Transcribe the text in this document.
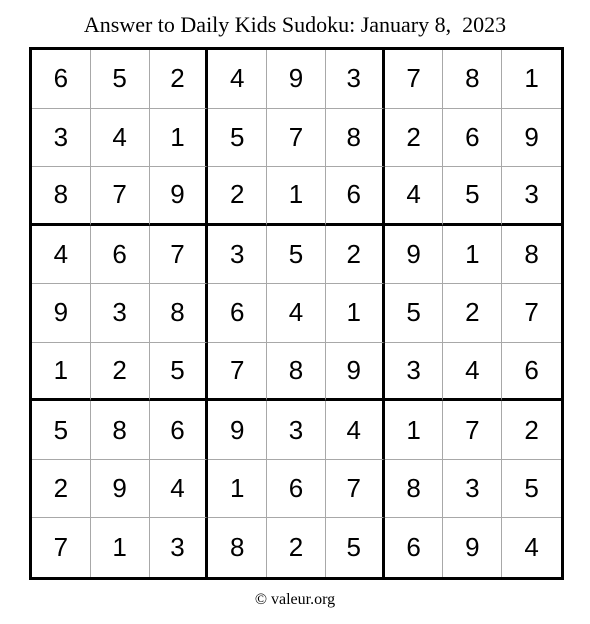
Answer to Daily Kids Sudoku: January 8,  2023
6	5	2	4	9	3	7	8	1
3	4	1	5	7	8	2	6	9
8	7	9	2	1	6	4	5	3
4	6	7	3	5	2	9	1	8
9	3	8	6	4	1	5	2	7
1	2	5	7	8	9	3	4	6
5	8	6	9	3	4	1	7	2
2	9	4	1	6	7	8	3	5
7	1	3	8	2	5	6	9	4
© valeur.org
